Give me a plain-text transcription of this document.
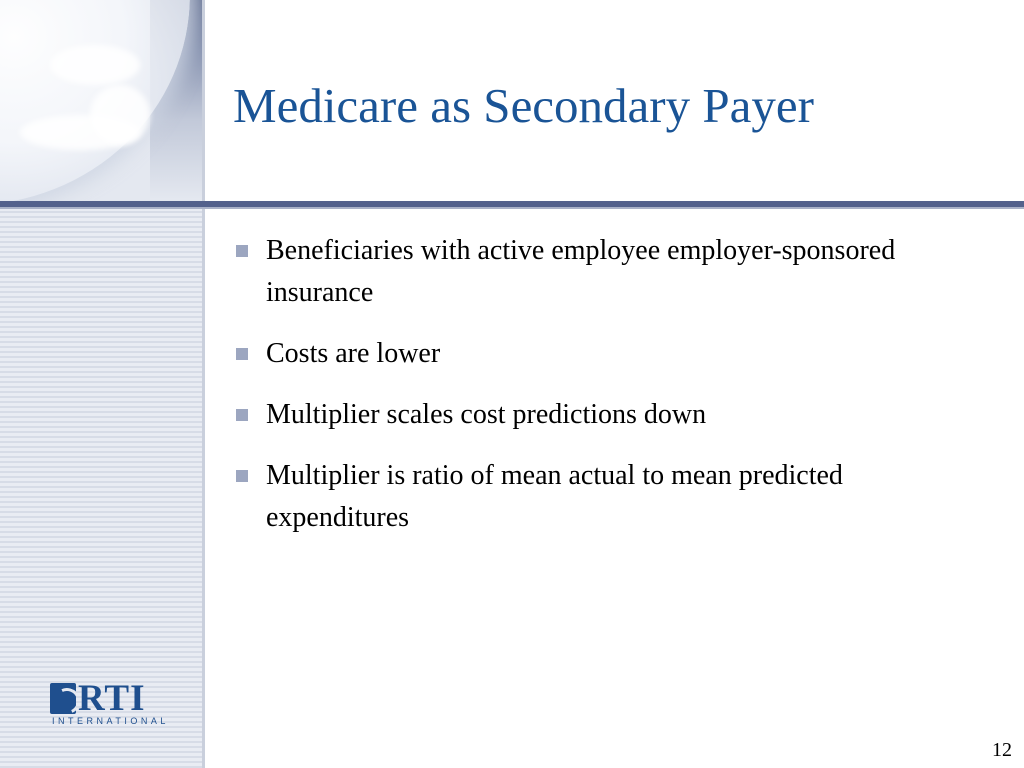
Medicare as Secondary Payer
Beneficiaries with active employee employer-sponsored insurance
Costs are lower
Multiplier scales cost predictions down
Multiplier is ratio of mean actual to mean predicted expenditures
RTI
INTERNATIONAL
12
